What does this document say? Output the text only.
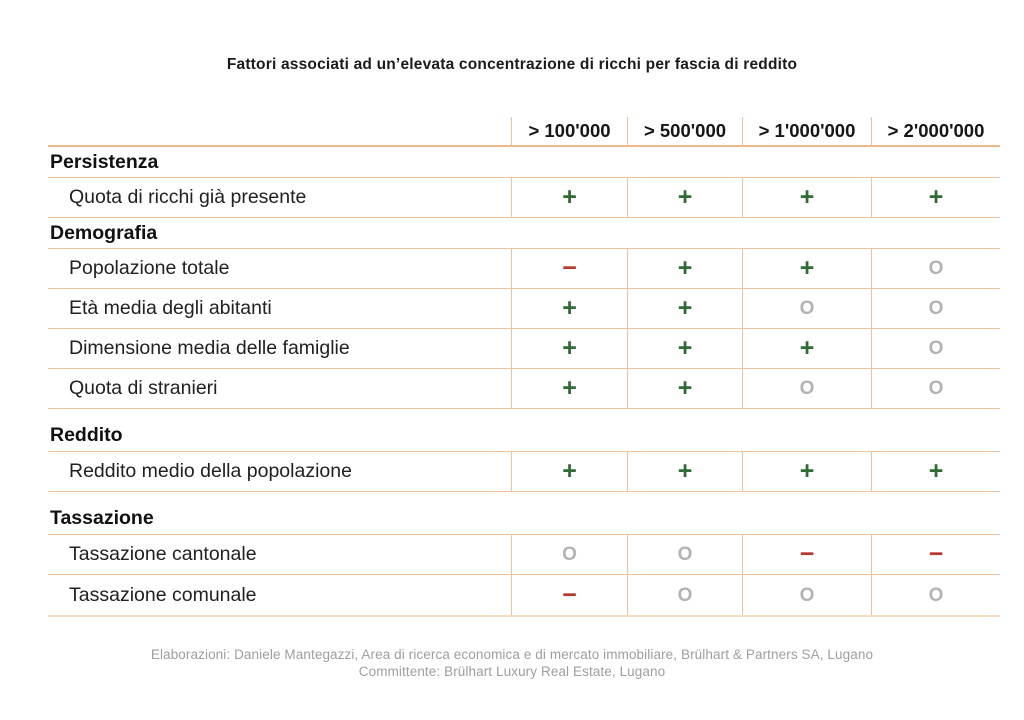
Fattori associati ad un’elevata concentrazione di ricchi per fascia di reddito
> 100'000	> 500'000	> 1'000'000	> 2'000'000
Persistenza
Quota di ricchi già presente	+	+	+	+
Demografia
Popolazione totale	−	+	+	O
Età media degli abitanti	+	+	O	O
Dimensione media delle famiglie	+	+	+	O
Quota di stranieri	+	+	O	O
Reddito
Reddito medio della popolazione	+	+	+	+
Tassazione
Tassazione cantonale	O	O	−	−
Tassazione comunale	−	O	O	O
Elaborazioni: Daniele Mantegazzi, Area di ricerca economica e di mercato immobiliare, Brülhart & Partners SA, Lugano
Committente: Brülhart Luxury Real Estate, Lugano
